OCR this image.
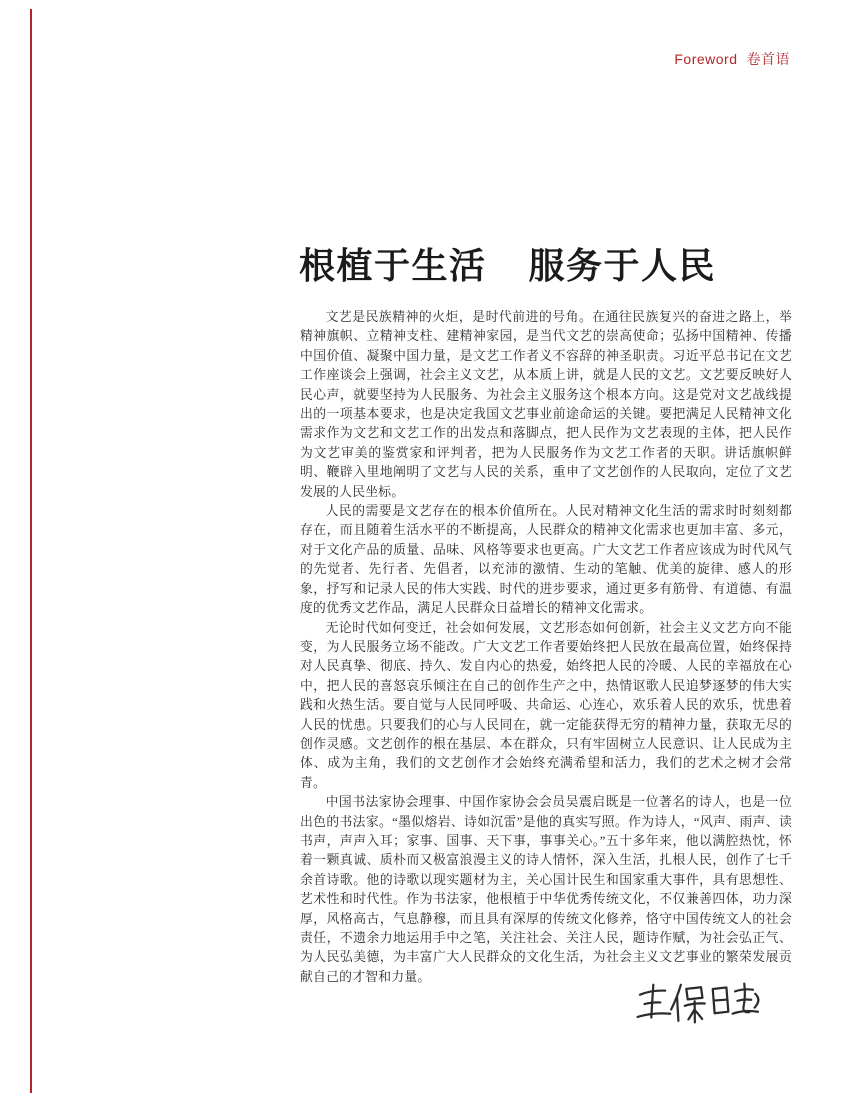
Foreword 卷首语
根植于生活 服务于人民

文艺是民族精神的火炬，是时代前进的号角。在通往民族复兴的奋进之路上，举精神旗帜、立精神支柱、建精神家园，是当代文艺的崇高使命；弘扬中国精神、传播中国价值、凝聚中国力量，是文艺工作者义不容辞的神圣职责。习近平总书记在文艺工作座谈会上强调，社会主义文艺，从本质上讲，就是人民的文艺。文艺要反映好人民心声，就要坚持为人民服务、为社会主义服务这个根本方向。这是党对文艺战线提出的一项基本要求，也是决定我国文艺事业前途命运的关键。要把满足人民精神文化需求作为文艺和文艺工作的出发点和落脚点，把人民作为文艺表现的主体，把人民作为文艺审美的鉴赏家和评判者，把为人民服务作为文艺工作者的天职。讲话旗帜鲜明、鞭辟入里地阐明了文艺与人民的关系，重申了文艺创作的人民取向，定位了文艺发展的人民坐标。

人民的需要是文艺存在的根本价值所在。人民对精神文化生活的需求时时刻刻都存在，而且随着生活水平的不断提高，人民群众的精神文化需求也更加丰富、多元，对于文化产品的质量、品味、风格等要求也更高。广大文艺工作者应该成为时代风气的先觉者、先行者、先倡者，以充沛的激情、生动的笔触、优美的旋律、感人的形象，抒写和记录人民的伟大实践、时代的进步要求，通过更多有筋骨、有道德、有温度的优秀文艺作品，满足人民群众日益增长的精神文化需求。

无论时代如何变迁，社会如何发展，文艺形态如何创新，社会主义文艺方向不能变，为人民服务立场不能改。广大文艺工作者要始终把人民放在最高位置，始终保持对人民真挚、彻底、持久、发自内心的热爱，始终把人民的冷暖、人民的幸福放在心中，把人民的喜怒哀乐倾注在自己的创作生产之中，热情讴歌人民追梦逐梦的伟大实践和火热生活。要自觉与人民同呼吸、共命运、心连心，欢乐着人民的欢乐，忧患着人民的忧患。只要我们的心与人民同在，就一定能获得无穷的精神力量，获取无尽的创作灵感。文艺创作的根在基层、本在群众，只有牢固树立人民意识、让人民成为主体、成为主角，我们的文艺创作才会始终充满希望和活力，我们的艺术之树才会常青。

中国书法家协会理事、中国作家协会会员吴震启既是一位著名的诗人，也是一位出色的书法家。“墨似熔岩、诗如沉雷”是他的真实写照。作为诗人，“风声、雨声、读书声，声声入耳；家事、国事、天下事，事事关心。”五十多年来，他以满腔热忱，怀着一颗真诚、质朴而又极富浪漫主义的诗人情怀，深入生活，扎根人民，创作了七千余首诗歌。他的诗歌以现实题材为主，关心国计民生和国家重大事件，具有思想性、艺术性和时代性。作为书法家，他根植于中华优秀传统文化，不仅兼善四体，功力深厚，风格高古，气息静穆，而且具有深厚的传统文化修养，恪守中国传统文人的社会责任，不遗余力地运用手中之笔，关注社会、关注人民，题诗作赋，为社会弘正气、为人民弘美德，为丰富广大人民群众的文化生活，为社会主义文艺事业的繁荣发展贡献自己的才智和力量。
